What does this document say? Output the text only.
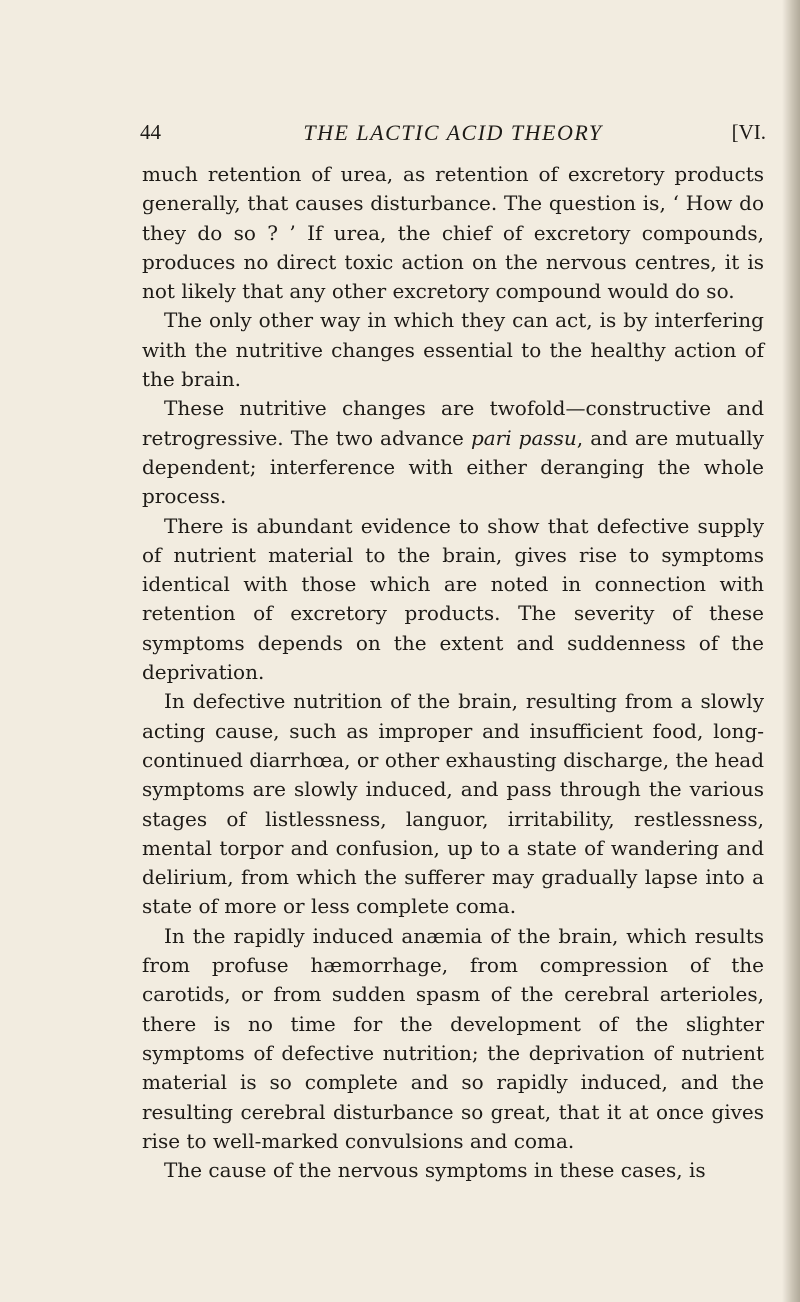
44	THE LACTIC ACID THEORY	[VI.

much retention of urea, as retention of excretory products generally, that causes disturbance. The question is, ‘ How do they do so ? ’ If urea, the chief of excretory compounds, produces no direct toxic action on the nervous centres, it is not likely that any other excretory compound would do so.

The only other way in which they can act, is by interfering with the nutritive changes essential to the healthy action of the brain.

These nutritive changes are twofold—constructive and retrogressive. The two advance pari passu, and are mutually dependent; interference with either deranging the whole process.

There is abundant evidence to show that defective supply of nutrient material to the brain, gives rise to symptoms identical with those which are noted in connection with retention of excretory products. The severity of these symptoms depends on the extent and suddenness of the deprivation.

In defective nutrition of the brain, resulting from a slowly acting cause, such as improper and insufficient food, long-continued diarrhœa, or other exhausting discharge, the head symptoms are slowly induced, and pass through the various stages of listlessness, languor, irritability, restlessness, mental torpor and confusion, up to a state of wandering and delirium, from which the sufferer may gradually lapse into a state of more or less complete coma.

In the rapidly induced anæmia of the brain, which results from profuse hæmorrhage, from compression of the carotids, or from sudden spasm of the cerebral arterioles, there is no time for the development of the slighter symptoms of defective nutrition; the deprivation of nutrient material is so complete and so rapidly induced, and the resulting cerebral disturbance so great, that it at once gives rise to well-marked convulsions and coma.

The cause of the nervous symptoms in these cases, is
